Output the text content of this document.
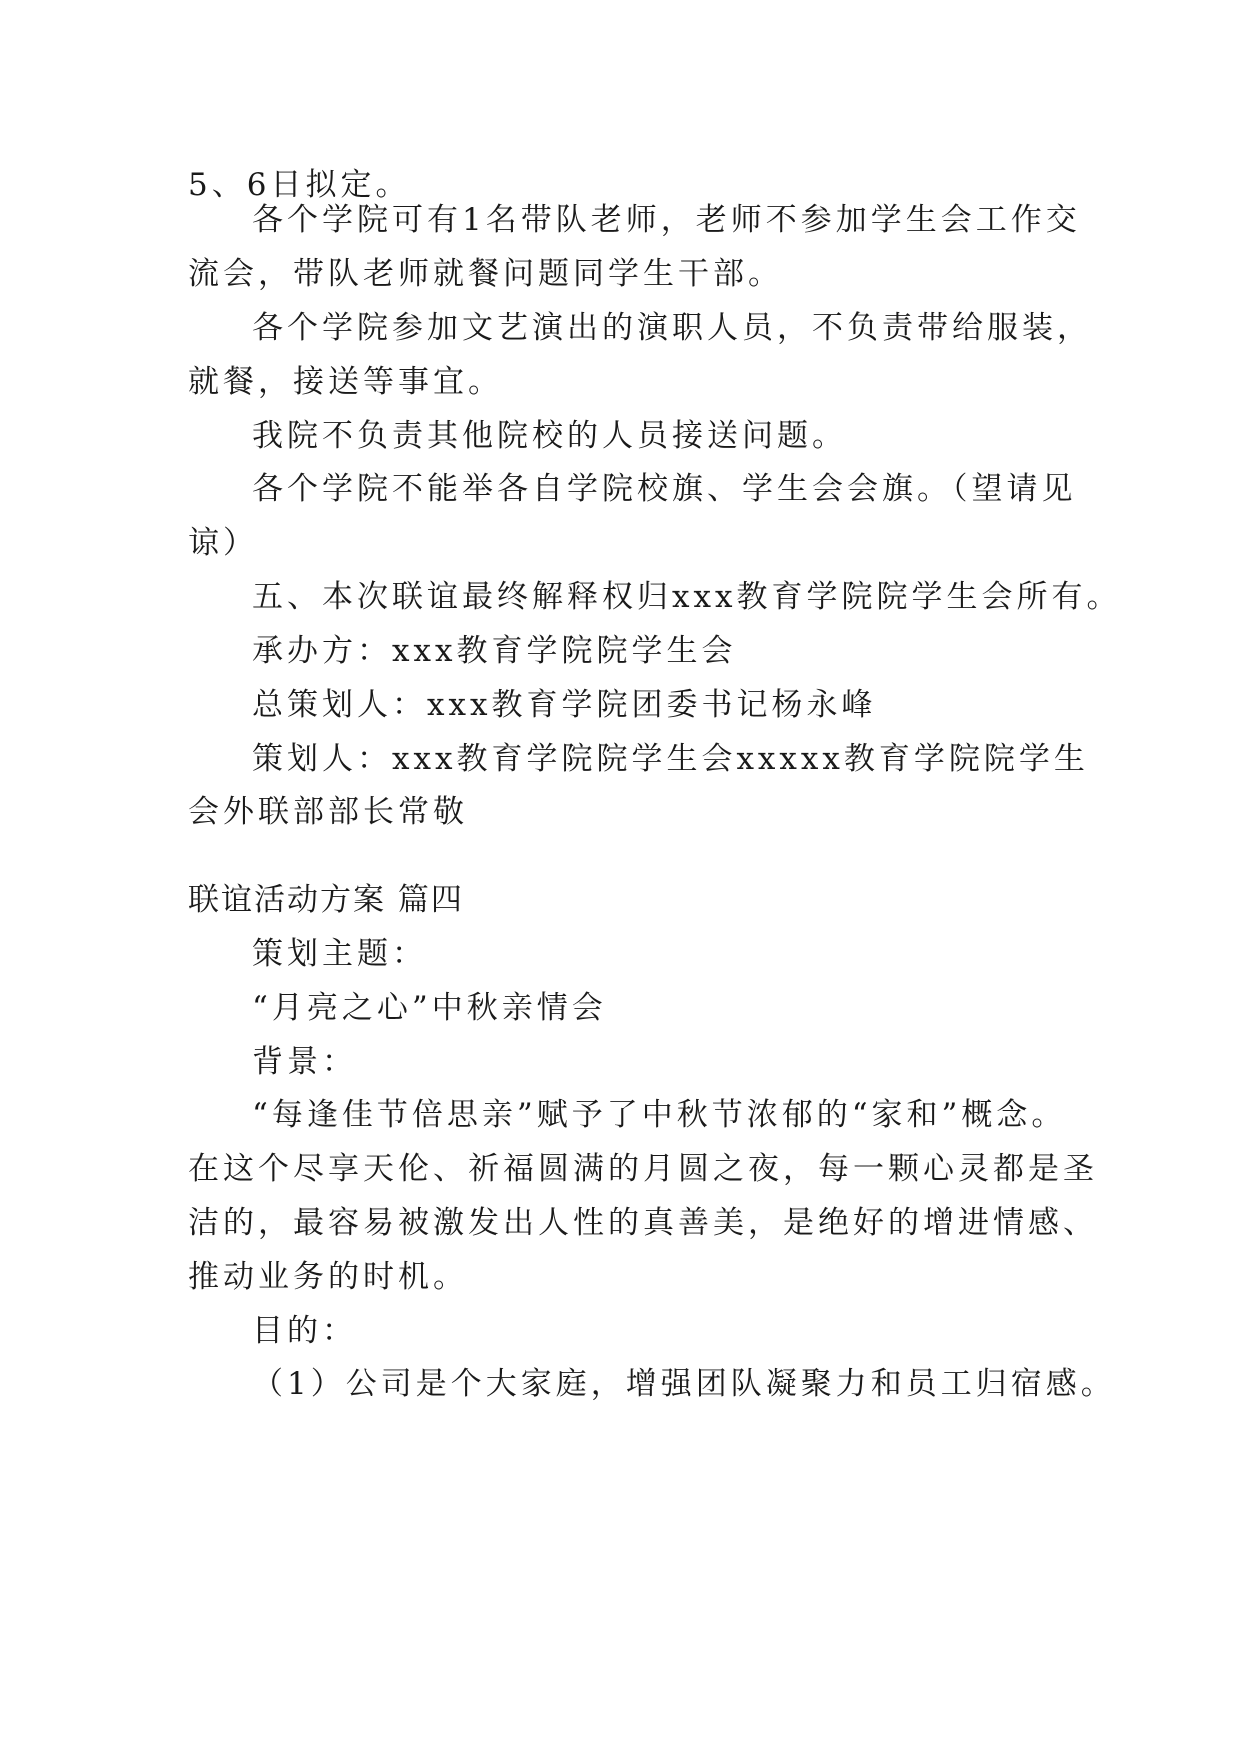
5、6日拟定。
各个学院可有1名带队老师，老师不参加学生会工作交
流会，带队老师就餐问题同学生干部。
各个学院参加文艺演出的演职人员，不负责带给服装，
就餐，接送等事宜。
我院不负责其他院校的人员接送问题。
各个学院不能举各自学院校旗、学生会会旗。（望请见
谅）
五、本次联谊最终解释权归xxx教育学院院学生会所有。
承办方：xxx教育学院院学生会
总策划人：xxx教育学院团委书记杨永峰
策划人：xxx教育学院院学生会xxxxx教育学院院学生
会外联部部长常敬
联谊活动方案 篇四
策划主题：
“月亮之心”中秋亲情会
背景：
“每逢佳节倍思亲”赋予了中秋节浓郁的“家和”概念。
在这个尽享天伦、祈福圆满的月圆之夜，每一颗心灵都是圣
洁的，最容易被激发出人性的真善美，是绝好的增进情感、
推动业务的时机。
目的：
（1）公司是个大家庭，增强团队凝聚力和员工归宿感。
